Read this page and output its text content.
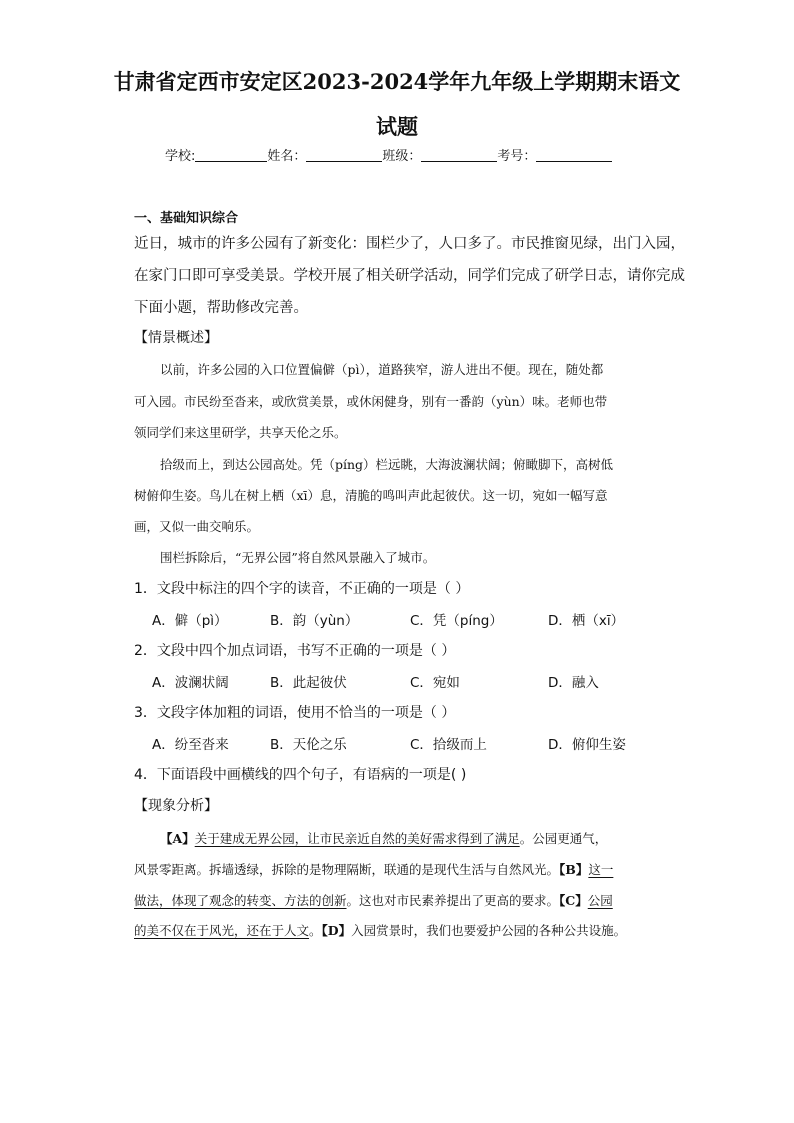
甘肃省定西市安定区2023-2024学年九年级上学期期末语文
试题
学校:	姓名：	班级：	考号：
一、基础知识综合
近日，城市的许多公园有了新变化：围栏少了，人口多了。市民推窗见绿，出门入园，
在家门口即可享受美景。学校开展了相关研学活动，同学们完成了研学日志，请你完成
下面小题，帮助修改完善。
【情景概述】
以前，许多公园的入口位置偏僻（pì），道路狭窄，游人进出不便。现在，随处都
可入园。市民纷至沓来，或欣赏美景，或休闲健身，别有一番韵（yùn）味。老师也带
领同学们来这里研学，共享天伦之乐。
拾级而上，到达公园高处。凭（píng）栏远眺，大海波澜状阔；俯瞰脚下，高树低
树俯仰生姿。鸟儿在树上栖（xī）息，清脆的鸣叫声此起彼伏。这一切，宛如一幅写意
画，又似一曲交响乐。
围栏拆除后，“无界公园”将自然风景融入了城市。
1．文段中标注的四个字的读音，不正确的一项是（ ）
A．僻（pì）	B．韵（yùn）	C．凭（píng）	D．栖（xī）
2．文段中四个加点词语，书写不正确的一项是（ ）
A．波澜状阔	B．此起彼伏	C．宛如	D．融入
3．文段字体加粗的词语，使用不恰当的一项是（ ）
A．纷至沓来	B．天伦之乐	C．拾级而上	D．俯仰生姿
4．下面语段中画横线的四个句子，有语病的一项是( )
【现象分析】
【A】关于建成无界公园，让市民亲近自然的美好需求得到了满足。公园更通气，
风景零距离。拆墙透绿，拆除的是物理隔断，联通的是现代生活与自然风光。【B】这一
做法，体现了观念的转变、方法的创新。这也对市民素养提出了更高的要求。【C】公园
的美不仅在于风光，还在于人文。【D】入园赏景时，我们也要爱护公园的各种公共设施。
